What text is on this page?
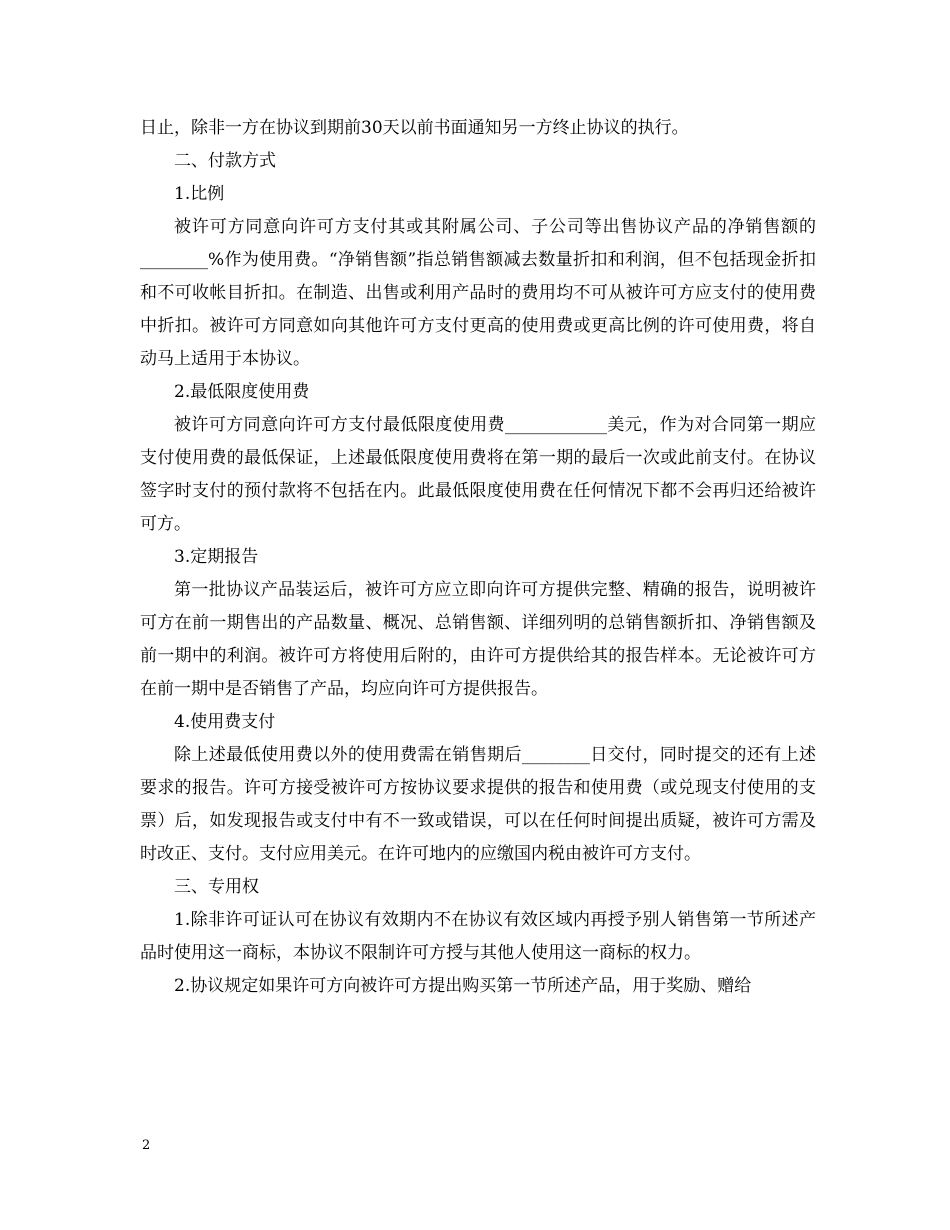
日止，除非一方在协议到期前30天以前书面通知另一方终止协议的执行。

二、付款方式

1.比例

被许可方同意向许可方支付其或其附属公司、子公司等出售协议产品的净销售额的________%作为使用费。“净销售额”指总销售额减去数量折扣和利润，但不包括现金折扣和不可收帐目折扣。在制造、出售或利用产品时的费用均不可从被许可方应支付的使用费中折扣。被许可方同意如向其他许可方支付更高的使用费或更高比例的许可使用费，将自动马上适用于本协议。

2.最低限度使用费

被许可方同意向许可方支付最低限度使用费____________美元，作为对合同第一期应支付使用费的最低保证，上述最低限度使用费将在第一期的最后一次或此前支付。在协议签字时支付的预付款将不包括在内。此最低限度使用费在任何情况下都不会再归还给被许可方。

3.定期报告

第一批协议产品装运后，被许可方应立即向许可方提供完整、精确的报告，说明被许可方在前一期售出的产品数量、概况、总销售额、详细列明的总销售额折扣、净销售额及前一期中的利润。被许可方将使用后附的，由许可方提供给其的报告样本。无论被许可方在前一期中是否销售了产品，均应向许可方提供报告。

4.使用费支付

除上述最低使用费以外的使用费需在销售期后________日交付，同时提交的还有上述要求的报告。许可方接受被许可方按协议要求提供的报告和使用费（或兑现支付使用的支票）后，如发现报告或支付中有不一致或错误，可以在任何时间提出质疑，被许可方需及时改正、支付。支付应用美元。在许可地内的应缴国内税由被许可方支付。

三、专用权

1.除非许可证认可在协议有效期内不在协议有效区域内再授予别人销售第一节所述产品时使用这一商标，本协议不限制许可方授与其他人使用这一商标的权力。

2.协议规定如果许可方向被许可方提出购买第一节所述产品，用于奖励、赠给

2
